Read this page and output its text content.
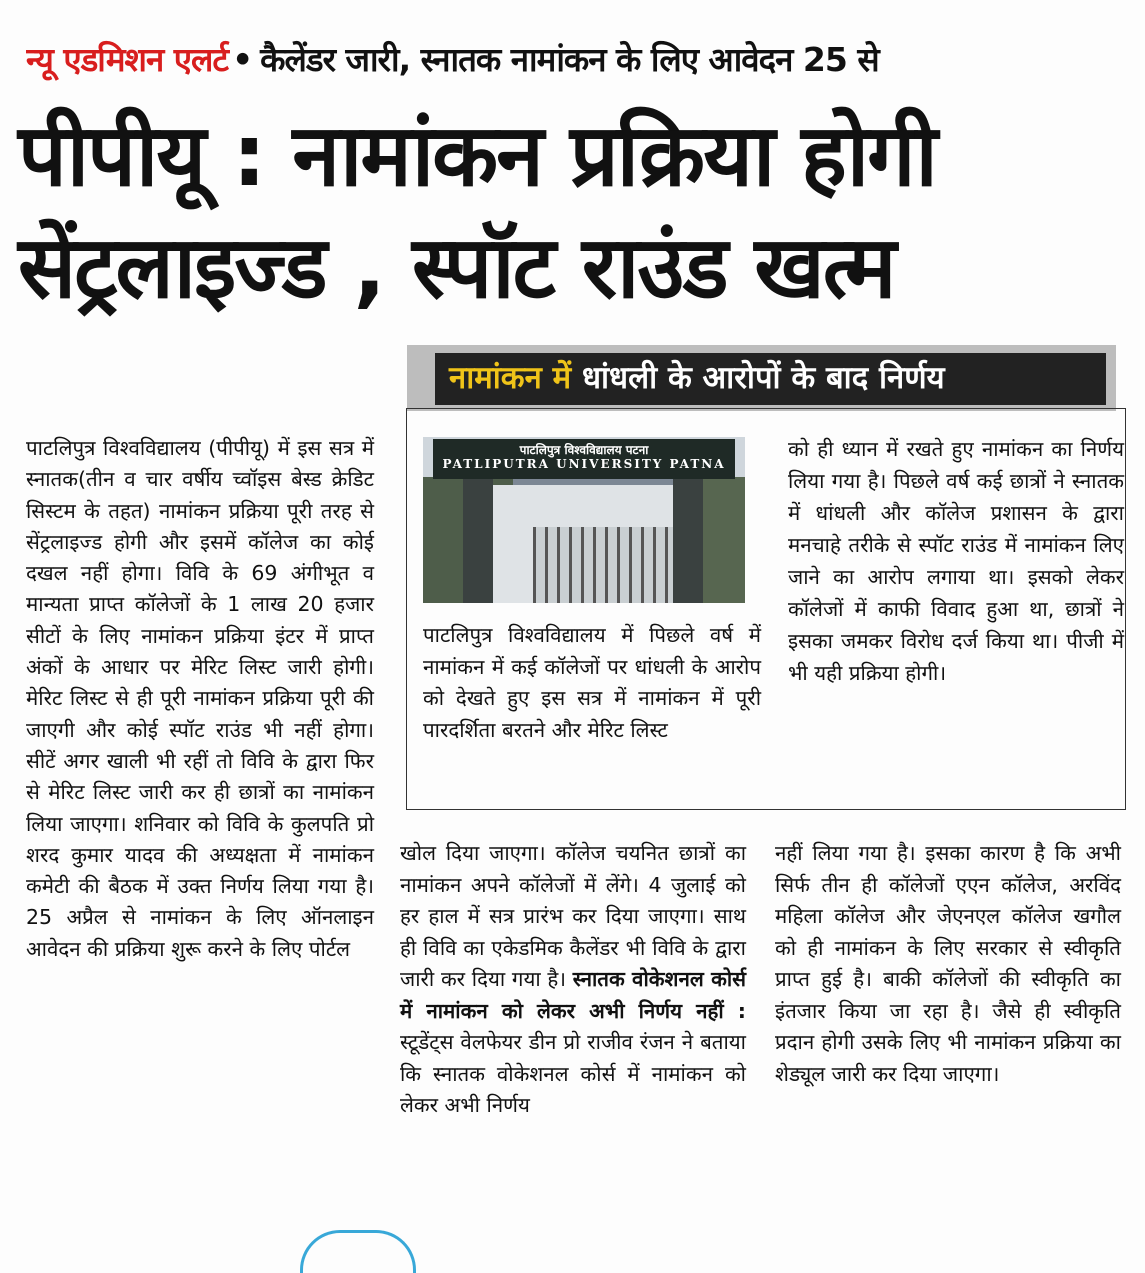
न्यू एडमिशन एलर्ट • कैलेंडर जारी, स्नातक नामांकन के लिए आवेदन 25 से
पीपीयू : नामांकन प्रक्रिया होगी
सेंट्रलाइज्ड , स्पॉट राउंड खत्म
नामांकन में धांधली के आरोपों के बाद निर्णय
पाटलिपुत्र विश्वविद्यालय पटना
PATLIPUTRA UNIVERSITY PATNA
पाटलिपुत्र विश्वविद्यालय में पिछले वर्ष में नामांकन में कई कॉलेजों पर धांधली के आरोप को देखते हुए इस सत्र में नामांकन में पूरी पारदर्शिता बरतने और मेरिट लिस्ट
को ही ध्यान में रखते हुए नामांकन का निर्णय लिया गया है। पिछले वर्ष कई छात्रों ने स्नातक में धांधली और कॉलेज प्रशासन के द्वारा मनचाहे तरीके से स्पॉट राउंड में नामांकन लिए जाने का आरोप लगाया था। इसको लेकर कॉलेजों में काफी विवाद हुआ था, छात्रों ने इसका जमकर विरोध दर्ज किया था। पीजी में भी यही प्रक्रिया होगी।
पाटलिपुत्र विश्वविद्यालय (पीपीयू) में इस सत्र में स्नातक(तीन व चार वर्षीय च्वॉइस बेस्ड क्रेडिट सिस्टम के तहत) नामांकन प्रक्रिया पूरी तरह से सेंट्रलाइज्ड होगी और इसमें कॉलेज का कोई दखल नहीं होगा। विवि के 69 अंगीभूत व मान्यता प्राप्त कॉलेजों के 1 लाख 20 हजार सीटों के लिए नामांकन प्रक्रिया इंटर में प्राप्त अंकों के आधार पर मेरिट लिस्ट जारी होगी। मेरिट लिस्ट से ही पूरी नामांकन प्रक्रिया पूरी की जाएगी और कोई स्पॉट राउंड भी नहीं होगा। सीटें अगर खाली भी रहीं तो विवि के द्वारा फिर से मेरिट लिस्ट जारी कर ही छात्रों का नामांकन लिया जाएगा। शनिवार को विवि के कुलपति प्रो शरद कुमार यादव की अध्यक्षता में नामांकन कमेटी की बैठक में उक्त निर्णय लिया गया है। 25 अप्रैल से नामांकन के लिए ऑनलाइन आवेदन की प्रक्रिया शुरू करने के लिए पोर्टल
खोल दिया जाएगा। कॉलेज चयनित छात्रों का नामांकन अपने कॉलेजों में लेंगे। 4 जुलाई को हर हाल में सत्र प्रारंभ कर दिया जाएगा। साथ ही विवि का एकेडमिक कैलेंडर भी विवि के द्वारा जारी कर दिया गया है। स्नातक वोकेशनल कोर्स में नामांकन को लेकर अभी निर्णय नहीं : स्टूडेंट्स वेलफेयर डीन प्रो राजीव रंजन ने बताया कि स्नातक वोकेशनल कोर्स में नामांकन को लेकर अभी निर्णय
नहीं लिया गया है। इसका कारण है कि अभी सिर्फ तीन ही कॉलेजों एएन कॉलेज, अरविंद महिला कॉलेज और जेएनएल कॉलेज खगौल को ही नामांकन के लिए सरकार से स्वीकृति प्राप्त हुई है। बाकी कॉलेजों की स्वीकृति का इंतजार किया जा रहा है। जैसे ही स्वीकृति प्रदान होगी उसके लिए भी नामांकन प्रक्रिया का शेड्यूल जारी कर दिया जाएगा।
